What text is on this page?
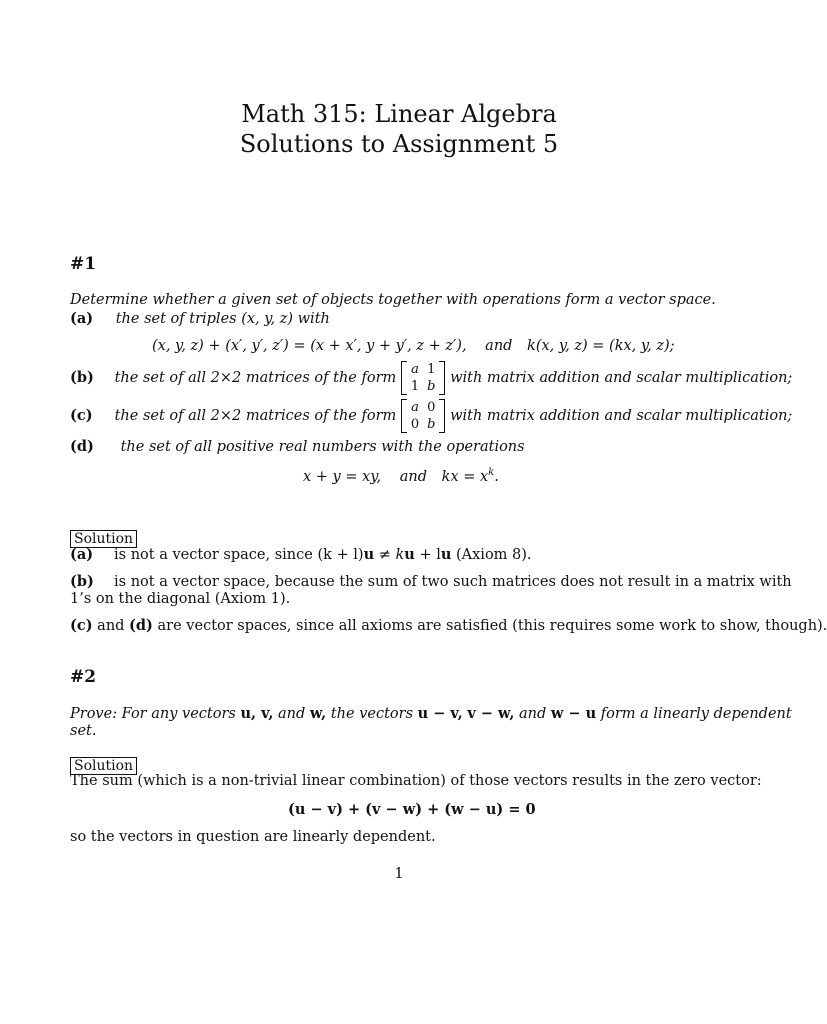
Math 315: Linear Algebra
Solutions to Assignment 5
#1
Determine whether a given set of objects together with operations form a vector space.
(a) the set of triples (x, y, z) with
(x, y, z) + (x′, y′, z′) = (x + x′, y + y′, z + z′), and k(x, y, z) = (kx, y, z);
(b) the set of all 2×2 matrices of the form
a	1
1	b
with matrix addition and scalar multiplication;
(c) the set of all 2×2 matrices of the form
a	0
0	b
with matrix addition and scalar multiplication;
(d) the set of all positive real numbers with the operations
x + y = xy, and kx = $x^k$.
Solution
(a) is not a vector space, since (k + l)u ≠ ku + lu (Axiom 8).
(b) is not a vector space, because the sum of two such matrices does not result in a matrix with
1’s on the diagonal (Axiom 1).
(c) and (d) are vector spaces, since all axioms are satisfied (this requires some work to show, though).
#2
Prove: For any vectors u, v, and w, the vectors u − v, v − w, and w − u form a linearly dependent
set.
Solution
The sum (which is a non-trivial linear combination) of those vectors results in the zero vector:
(u − v) + (v − w) + (w − u) = 0
so the vectors in question are linearly dependent.
1
